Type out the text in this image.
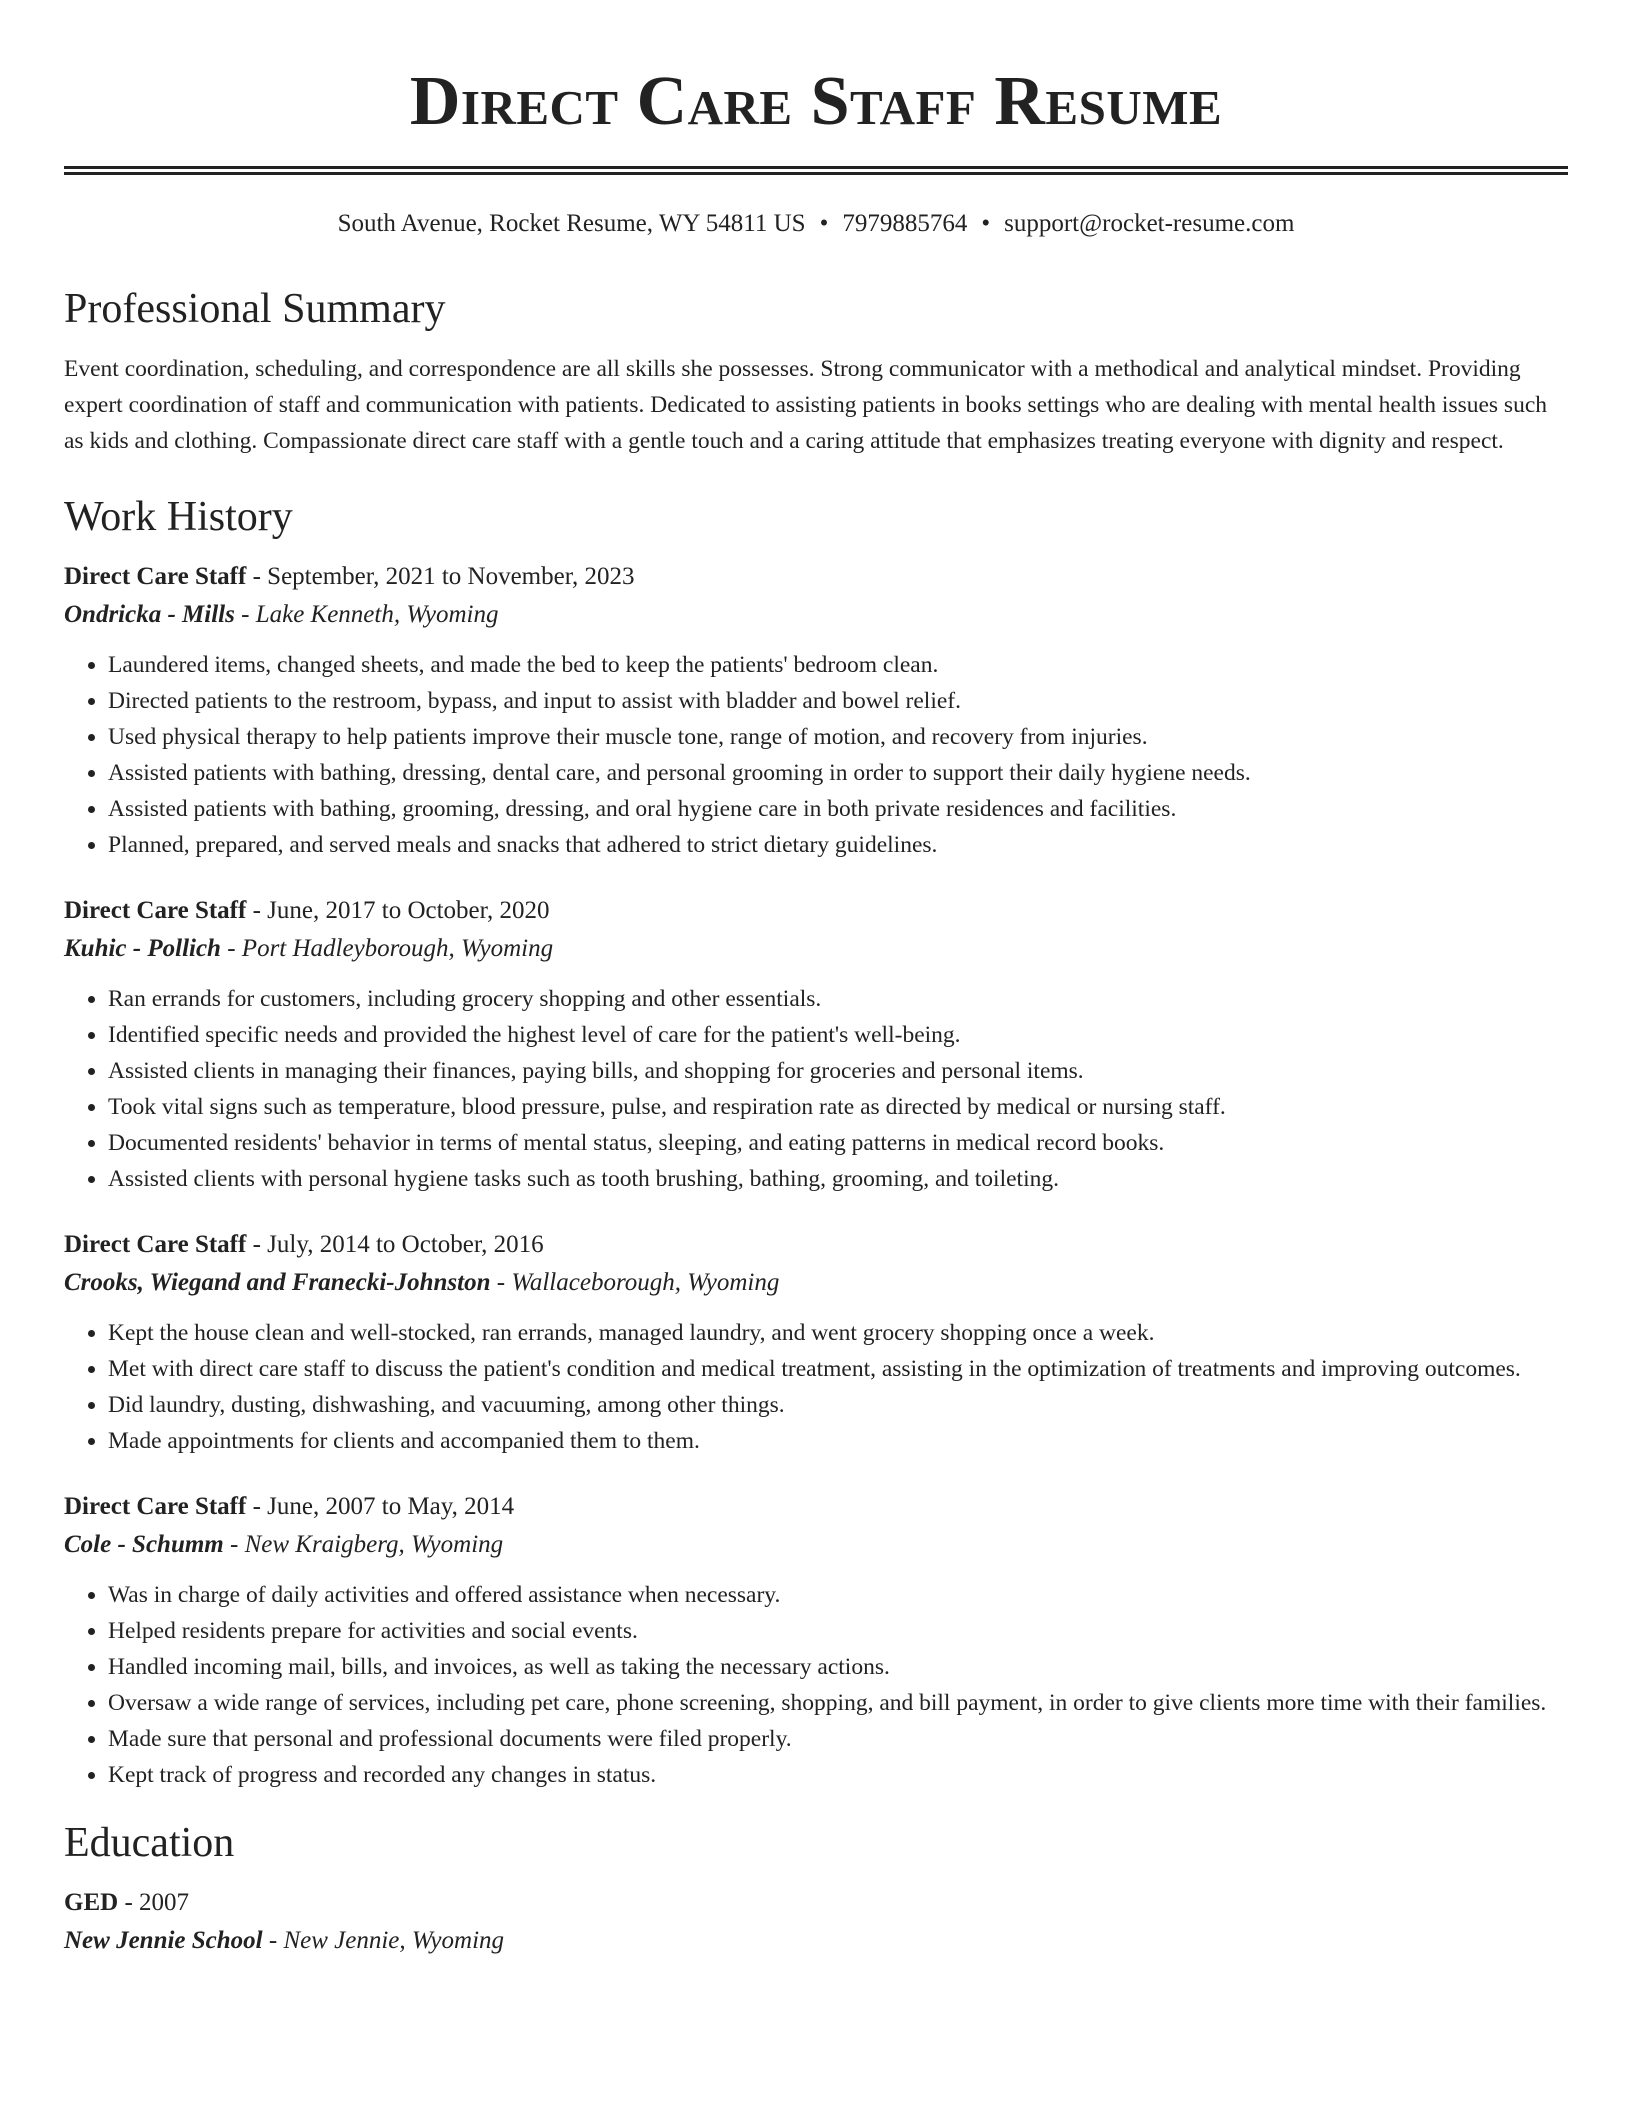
Direct Care Staff Resume
South Avenue, Rocket Resume, WY 54811 US • 7979885764 • support@rocket-resume.com
Professional Summary

Event coordination, scheduling, and correspondence are all skills she possesses. Strong communicator with a methodical and analytical mindset. Providing expert coordination of staff and communication with patients. Dedicated to assisting patients in books settings who are dealing with mental health issues such as kids and clothing. Compassionate direct care staff with a gentle touch and a caring attitude that emphasizes treating everyone with dignity and respect.

Work History
Direct Care Staff - September, 2021 to November, 2023
Ondricka - Mills - Lake Kenneth, Wyoming
• Laundered items, changed sheets, and made the bed to keep the patients' bedroom clean.
• Directed patients to the restroom, bypass, and input to assist with bladder and bowel relief.
• Used physical therapy to help patients improve their muscle tone, range of motion, and recovery from injuries.
• Assisted patients with bathing, dressing, dental care, and personal grooming in order to support their daily hygiene needs.
• Assisted patients with bathing, grooming, dressing, and oral hygiene care in both private residences and facilities.
• Planned, prepared, and served meals and snacks that adhered to strict dietary guidelines.
Direct Care Staff - June, 2017 to October, 2020
Kuhic - Pollich - Port Hadleyborough, Wyoming
• Ran errands for customers, including grocery shopping and other essentials.
• Identified specific needs and provided the highest level of care for the patient's well-being.
• Assisted clients in managing their finances, paying bills, and shopping for groceries and personal items.
• Took vital signs such as temperature, blood pressure, pulse, and respiration rate as directed by medical or nursing staff.
• Documented residents' behavior in terms of mental status, sleeping, and eating patterns in medical record books.
• Assisted clients with personal hygiene tasks such as tooth brushing, bathing, grooming, and toileting.
Direct Care Staff - July, 2014 to October, 2016
Crooks, Wiegand and Franecki-Johnston - Wallaceborough, Wyoming
• Kept the house clean and well-stocked, ran errands, managed laundry, and went grocery shopping once a week.
• Met with direct care staff to discuss the patient's condition and medical treatment, assisting in the optimization of treatments and improving outcomes.
• Did laundry, dusting, dishwashing, and vacuuming, among other things.
• Made appointments for clients and accompanied them to them.
Direct Care Staff - June, 2007 to May, 2014
Cole - Schumm - New Kraigberg, Wyoming
• Was in charge of daily activities and offered assistance when necessary.
• Helped residents prepare for activities and social events.
• Handled incoming mail, bills, and invoices, as well as taking the necessary actions.
• Oversaw a wide range of services, including pet care, phone screening, shopping, and bill payment, in order to give clients more time with their families.
• Made sure that personal and professional documents were filed properly.
• Kept track of progress and recorded any changes in status.
Education
GED - 2007
New Jennie School - New Jennie, Wyoming
